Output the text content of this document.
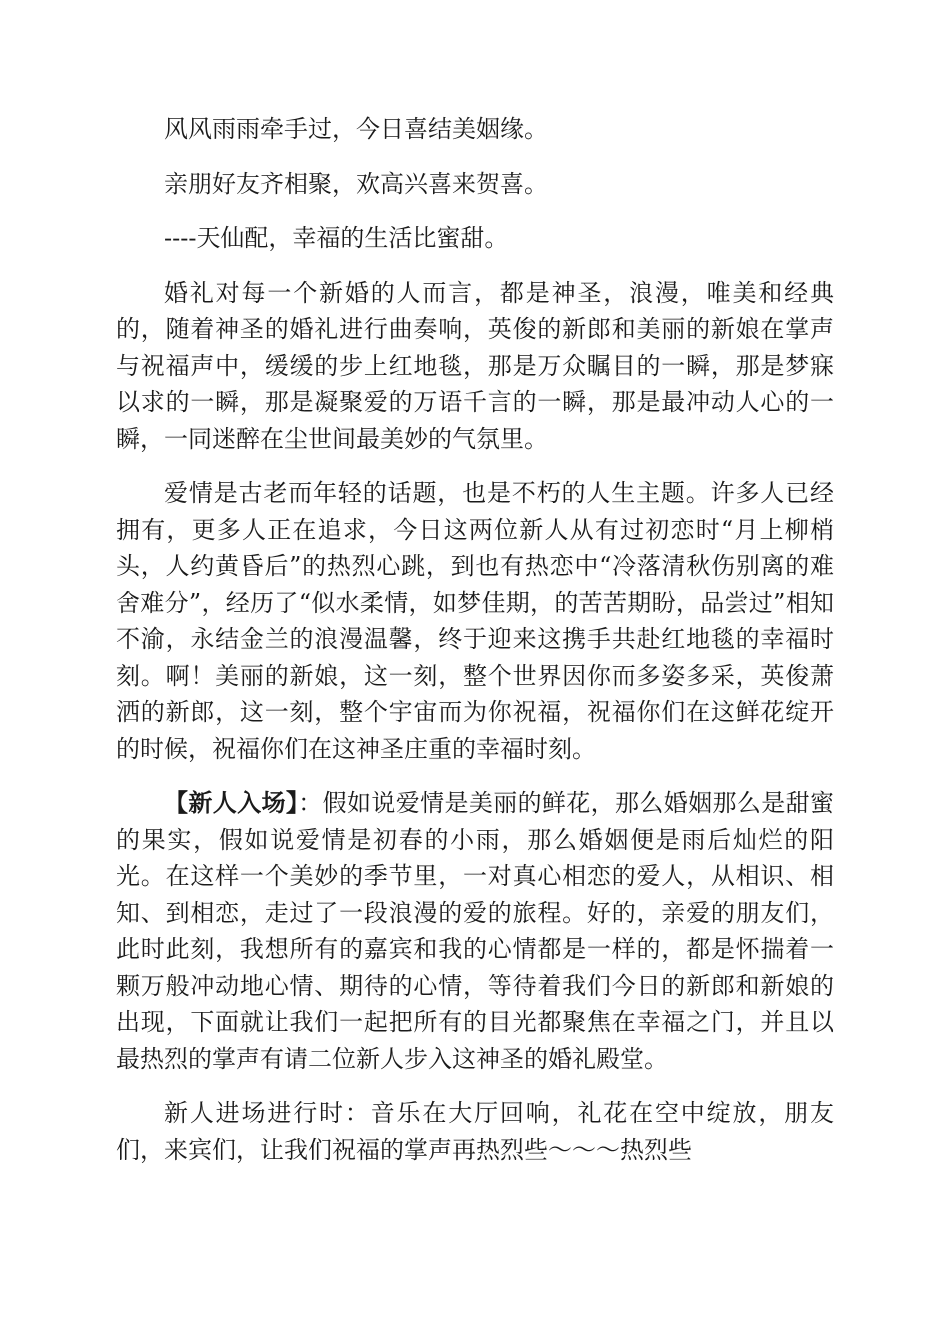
风风雨雨牵手过，今日喜结美姻缘。

亲朋好友齐相聚，欢高兴喜来贺喜。

----天仙配，幸福的生活比蜜甜。

婚礼对每一个新婚的人而言，都是神圣，浪漫，唯美和经典的，随着神圣的婚礼进行曲奏响，英俊的新郎和美丽的新娘在掌声与祝福声中，缓缓的步上红地毯，那是万众瞩目的一瞬，那是梦寐以求的一瞬，那是凝聚爱的万语千言的一瞬，那是最冲动人心的一瞬，一同迷醉在尘世间最美妙的气氛里。

爱情是古老而年轻的话题，也是不朽的人生主题。许多人已经拥有，更多人正在追求，今日这两位新人从有过初恋时“月上柳梢头，人约黄昏后”的热烈心跳，到也有热恋中“冷落清秋伤别离的难舍难分”，经历了“似水柔情，如梦佳期，的苦苦期盼，品尝过”相知不渝，永结金兰的浪漫温馨，终于迎来这携手共赴红地毯的幸福时刻。啊！美丽的新娘，这一刻，整个世界因你而多姿多采，英俊萧洒的新郎，这一刻，整个宇宙而为你祝福，祝福你们在这鲜花绽开的时候，祝福你们在这神圣庄重的幸福时刻。

【新人入场】：假如说爱情是美丽的鲜花，那么婚姻那么是甜蜜的果实，假如说爱情是初春的小雨，那么婚姻便是雨后灿烂的阳光。在这样一个美妙的季节里，一对真心相恋的爱人，从相识、相知、到相恋，走过了一段浪漫的爱的旅程。好的，亲爱的朋友们，此时此刻，我想所有的嘉宾和我的心情都是一样的，都是怀揣着一颗万般冲动地心情、期待的心情，等待着我们今日的新郎和新娘的出现，下面就让我们一起把所有的目光都聚焦在幸福之门，并且以最热烈的掌声有请二位新人步入这神圣的婚礼殿堂。

新人进场进行时：音乐在大厅回响，礼花在空中绽放，朋友们，来宾们，让我们祝福的掌声再热烈些～～～热烈些
